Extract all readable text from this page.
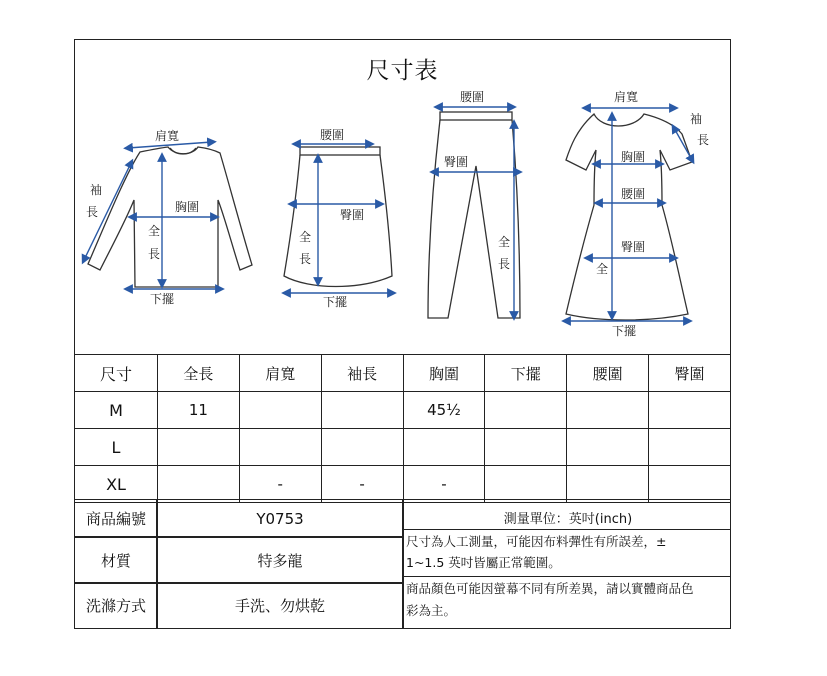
尺寸表
肩寬
袖
長	胸圍
全
長
下擺
腰圍
臀圍
全
長
下擺
腰圍
臀圍
全
長
肩寬
袖
長
胸圍
腰圍
臀圍
全
下擺
尺寸	全長	肩寬	袖長	胸圍	下擺	腰圍	臀圍
M	11			45½			
L							
XL		-	-	-			
商品編號	Y0753
材質	特多龍
洗滌方式	手洗、勿烘乾
測量單位：英吋(inch)
尺寸為人工測量，可能因布料彈性有所誤差，±
1~1.5 英吋皆屬正常範圍。
商品顏色可能因螢幕不同有所差異，請以實體商品色
彩為主。
